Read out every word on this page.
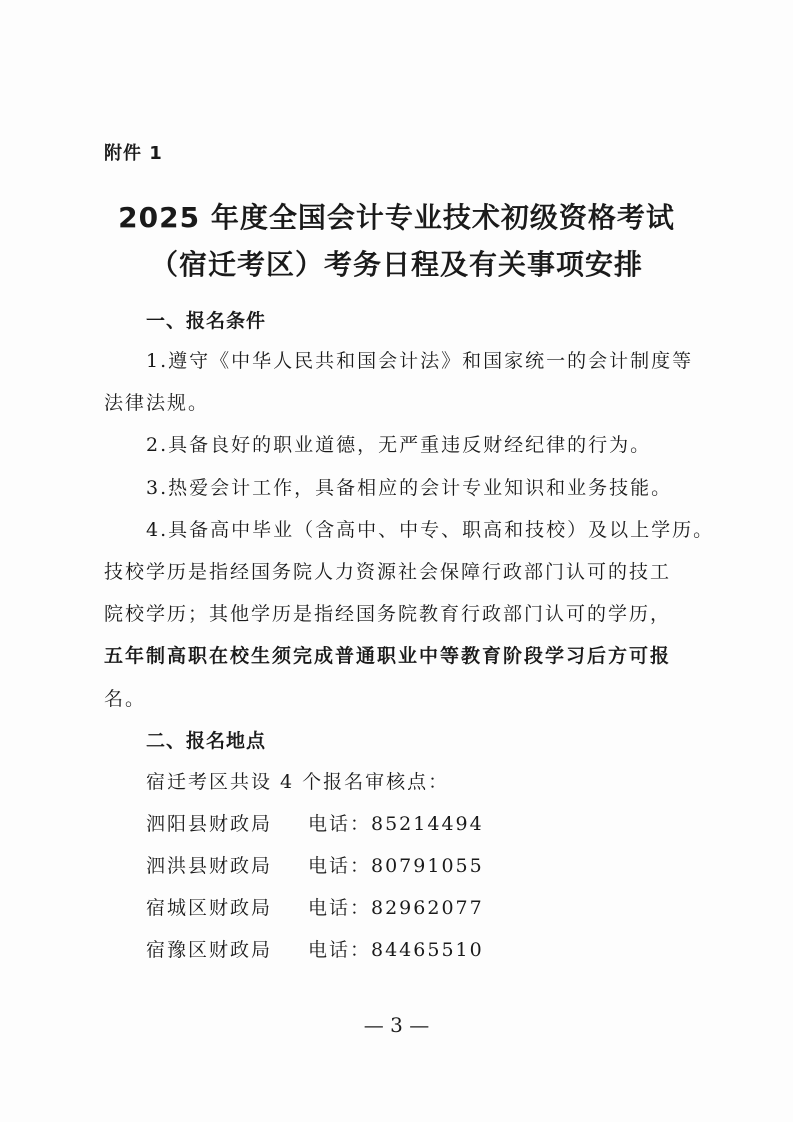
附件 1
2025 年度全国会计专业技术初级资格考试
（宿迁考区）考务日程及有关事项安排
一、报名条件
1.遵守《中华人民共和国会计法》和国家统一的会计制度等
法律法规。
2.具备良好的职业道德，无严重违反财经纪律的行为。
3.热爱会计工作，具备相应的会计专业知识和业务技能。
4.具备高中毕业（含高中、中专、职高和技校）及以上学历。
技校学历是指经国务院人力资源社会保障行政部门认可的技工
院校学历；其他学历是指经国务院教育行政部门认可的学历，
五年制高职在校生须完成普通职业中等教育阶段学习后方可报
名。
二、报名地点
宿迁考区共设 4 个报名审核点：
泗阳县财政局 电话：85214494
泗洪县财政局 电话：80791055
宿城区财政局 电话：82962077
宿豫区财政局 电话：84465510
— 3 —
